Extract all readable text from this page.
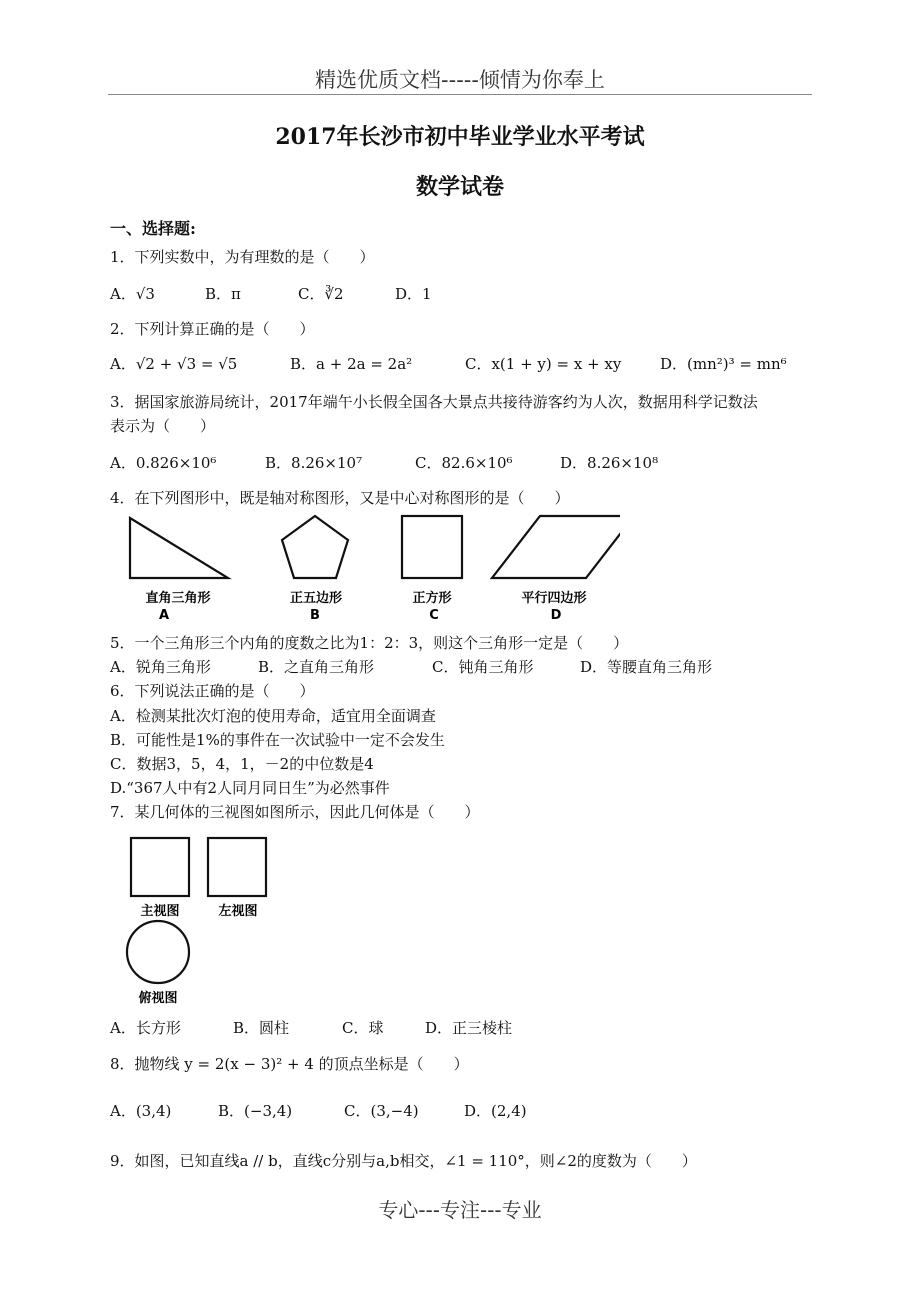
精选优质文档-----倾情为你奉上
2017年长沙市初中毕业学业水平考试
数学试卷
一、选择题:
1．下列实数中，为有理数的是（　　）
A．√3	B．π	C．∛2	D．1
2．下列计算正确的是（　　）
A．√2 + √3 = √5	B．a + 2a = 2a²	C．x(1 + y) = x + xy	D．(mn²)³ = mn⁶
3．据国家旅游局统计，2017年端午小长假全国各大景点共接待游客约为人次，数据用科学记数法
表示为（　　）
A．0.826×10⁶	B．8.26×10⁷	C．82.6×10⁶	D．8.26×10⁸
4．在下列图形中，既是轴对称图形，又是中心对称图形的是（　　）
直角三角形
A
正五边形
B
正方形
C
平行四边形
D
5．一个三角形三个内角的度数之比为1：2：3，则这个三角形一定是（　　）
A．锐角三角形	B．之直角三角形	C．钝角三角形	D．等腰直角三角形
6．下列说法正确的是（　　）
A．检测某批次灯泡的使用寿命，适宜用全面调查
B．可能性是1%的事件在一次试验中一定不会发生
C．数据3，5，4，1，－2的中位数是4
D.“367人中有2人同月同日生”为必然事件
7．某几何体的三视图如图所示，因此几何体是（　　）
主视图	左视图
俯视图
A．长方形	B．圆柱	C．球	D．正三棱柱
8．抛物线 y = 2(x − 3)² + 4 的顶点坐标是（　　）
A．(3,4)	B．(−3,4)	C．(3,−4)	D．(2,4)
9．如图，已知直线a // b，直线c分别与a,b相交，∠1 = 110°，则∠2的度数为（　　）
专心---专注---专业
